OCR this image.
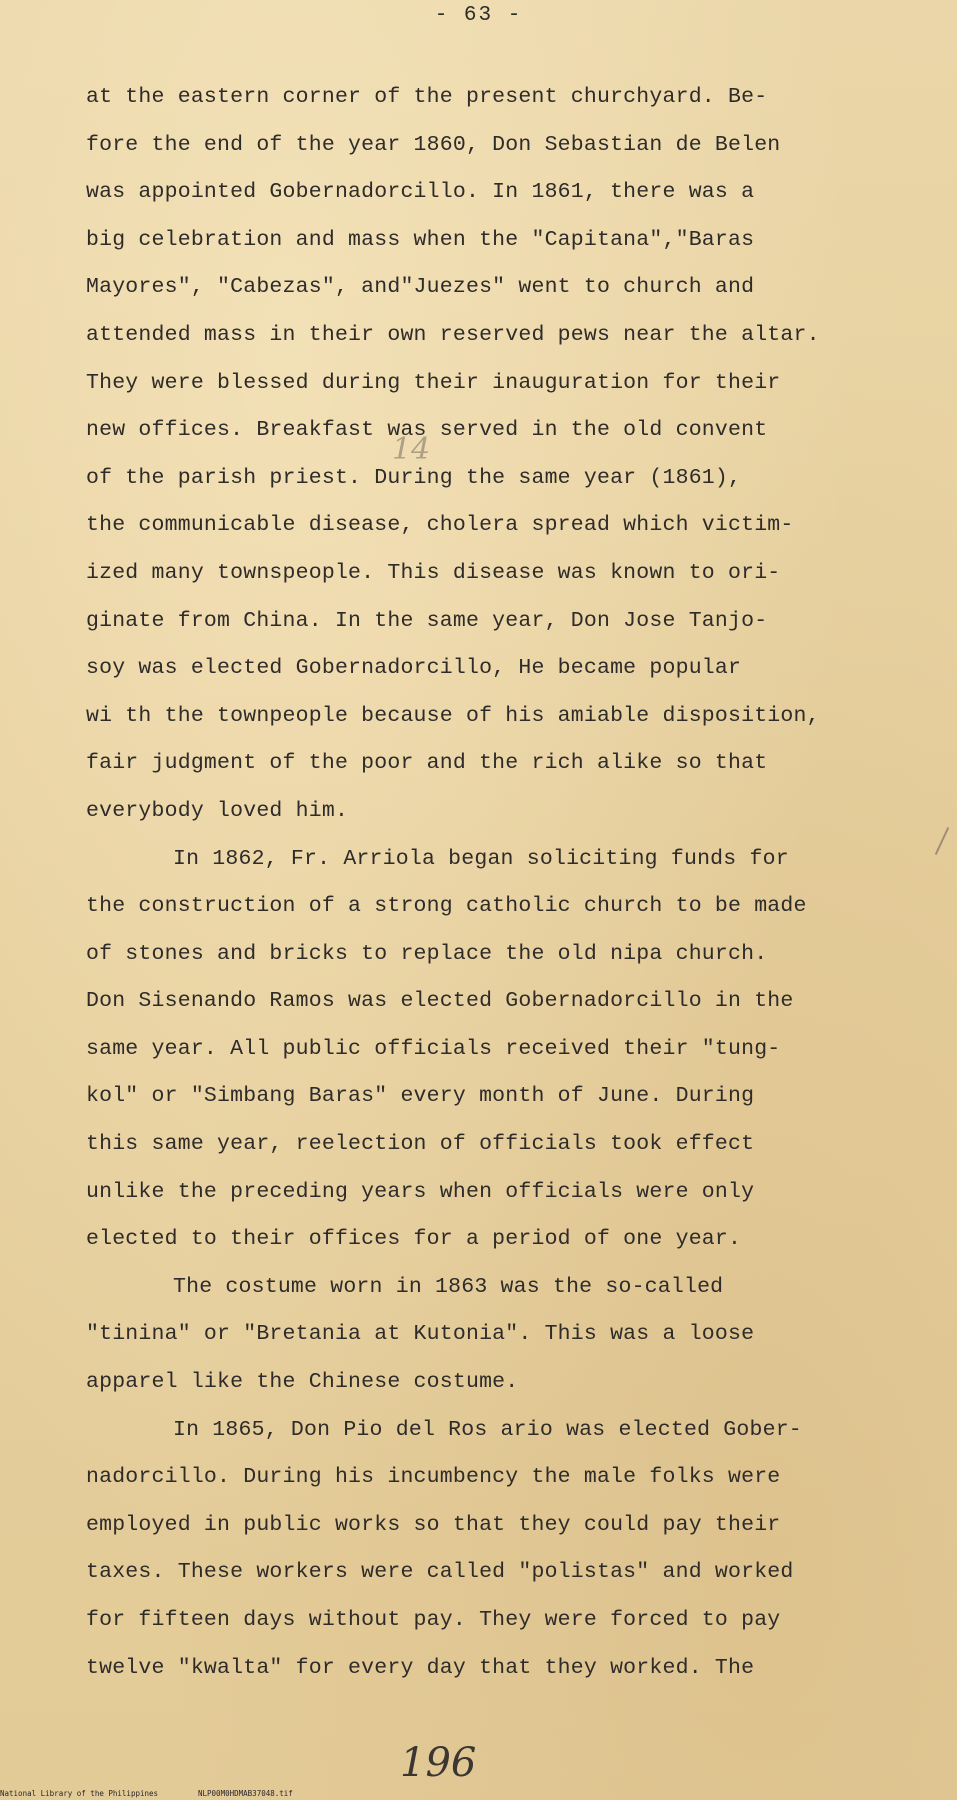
- 63 -
at the eastern corner of the present churchyard. Be-
fore the end of the year 1860, Don Sebastian de Belen
was appointed Gobernadorcillo. In 1861, there was a
big celebration and mass when the "Capitana","Baras
Mayores", "Cabezas", and"Juezes" went to church and
attended mass in their own reserved pews near the altar.
They were blessed during their inauguration for their
new offices. Breakfast was served in the old convent
of the parish priest. During the same year (1861),
the communicable disease, cholera spread which victim-
ized many townspeople. This disease was known to ori-
ginate from China. In the same year, Don Jose Tanjo-
soy was elected Gobernadorcillo, He became popular
wi th the townpeople because of his amiable disposition,
fair judgment of the poor and the rich alike so that
everybody loved him.
In 1862, Fr. Arriola began soliciting funds for
the construction of a strong catholic church to be made
of stones and bricks to replace the old nipa church.
Don Sisenando Ramos was elected Gobernadorcillo in the
same year. All public officials received their "tung-
kol" or "Simbang Baras" every month of June. During
this same year, reelection of officials took effect
unlike the preceding years when officials were only
elected to their offices for a period of one year.
The costume worn in 1863 was the so-called
"tinina" or "Bretania at Kutonia". This was a loose
apparel like the Chinese costume.
In 1865, Don Pio del Ros ario was elected Gober-
nadorcillo. During his incumbency the male folks were
employed in public works so that they could pay their
taxes. These workers were called "polistas" and worked
for fifteen days without pay. They were forced to pay
twelve "kwalta" for every day that they worked. The
14
196
National Library of the Philippines	NLP00M0HDMAB37048.tif
